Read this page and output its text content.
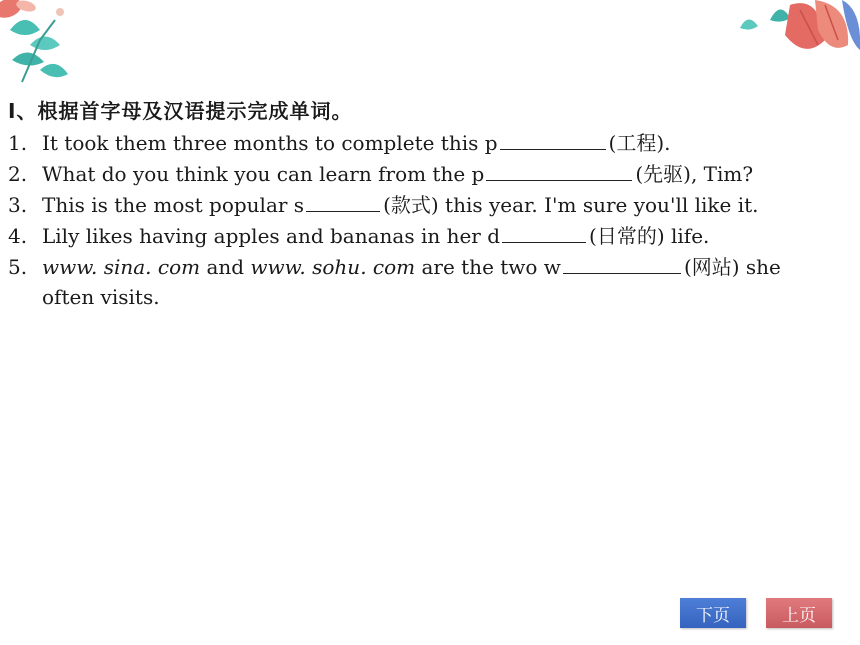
Ⅰ、根据首字母及汉语提示完成单词。
1. It took them three months to complete this p	(工程).
2. What do you think you can learn from the p	(先驱), Tim?
3. This is the most popular s	(款式) this year. I'm sure you'll like it.
4. Lily likes having apples and bananas in her d	(日常的) life.
5. www. sina. com and www. sohu. com are the two w	(网站) she
often visits.
下页	上页
